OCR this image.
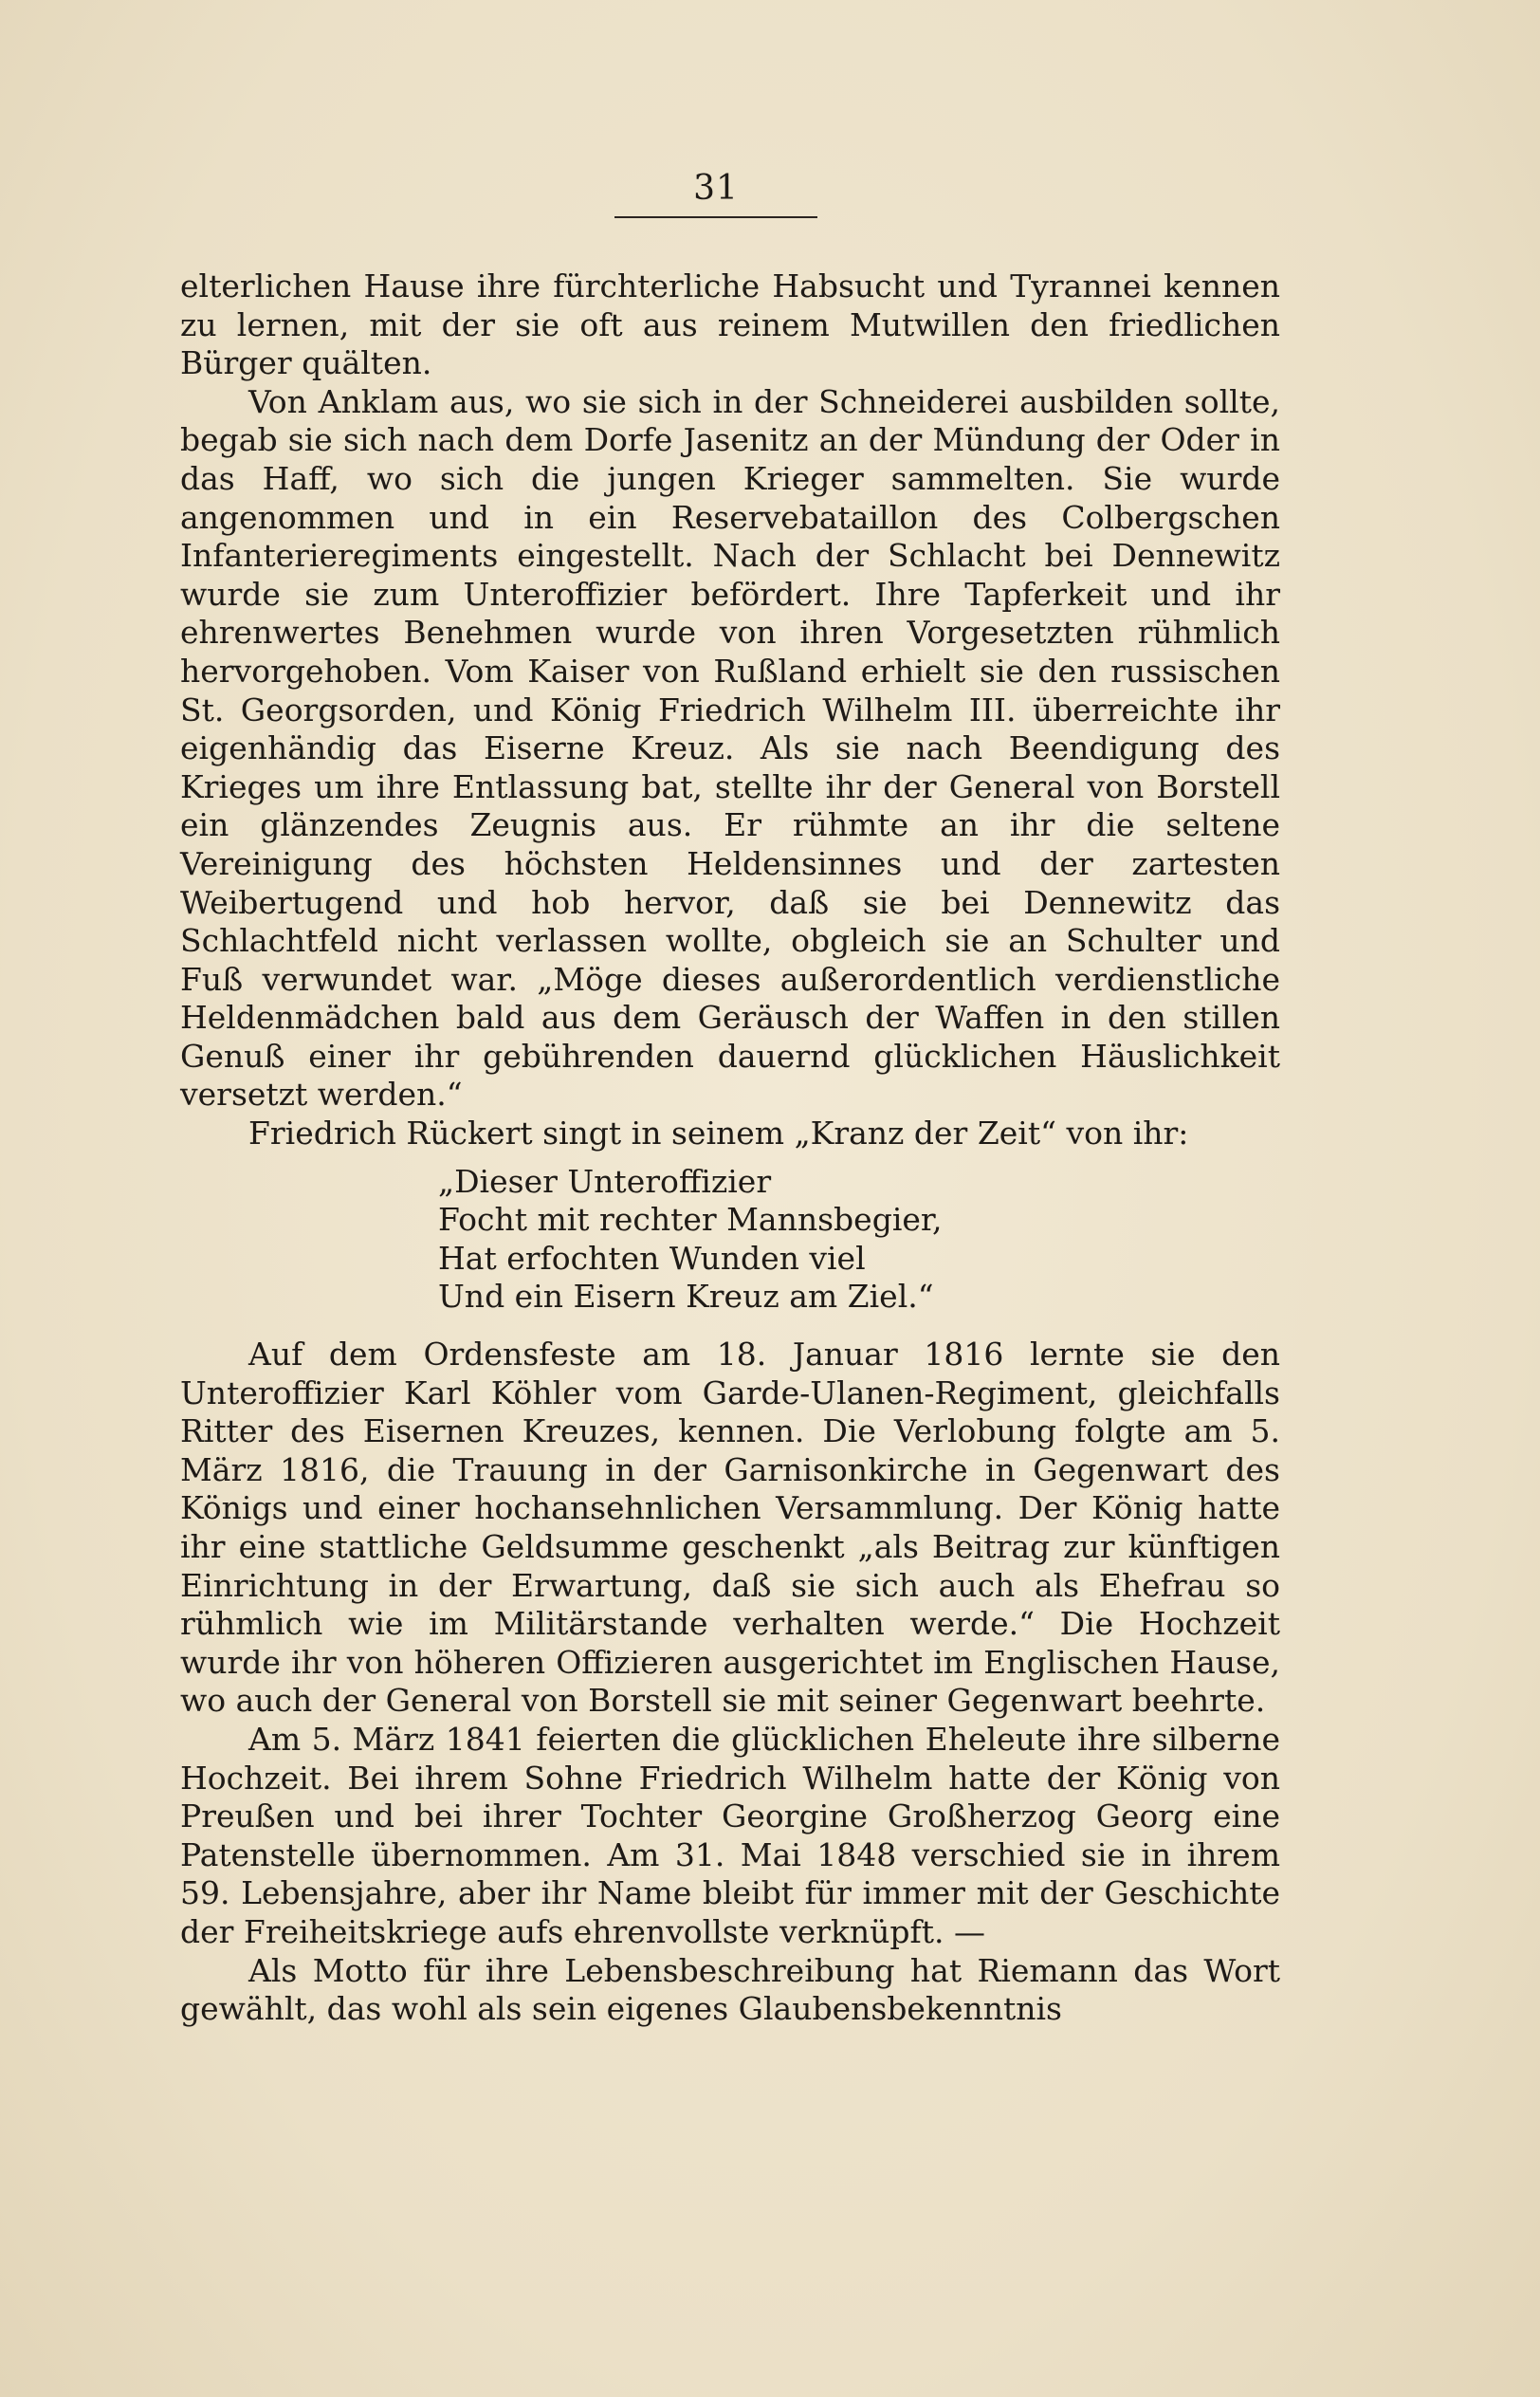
31

elterlichen Hause ihre fürchterliche Habsucht und Tyrannei kennen zu lernen, mit der sie oft aus reinem Mutwillen den friedlichen Bürger quälten.

Von Anklam aus, wo sie sich in der Schneiderei ausbilden sollte, begab sie sich nach dem Dorfe Jasenitz an der Mündung der Oder in das Haff, wo sich die jungen Krieger sammelten. Sie wurde angenommen und in ein Reservebataillon des Colbergschen Infanterieregiments eingestellt. Nach der Schlacht bei Dennewitz wurde sie zum Unteroffizier befördert. Ihre Tapferkeit und ihr ehrenwertes Benehmen wurde von ihren Vorgesetzten rühmlich hervorgehoben. Vom Kaiser von Rußland erhielt sie den russischen St. Georgsorden, und König Friedrich Wilhelm III. überreichte ihr eigenhändig das Eiserne Kreuz. Als sie nach Beendigung des Krieges um ihre Entlassung bat, stellte ihr der General von Borstell ein glänzendes Zeugnis aus. Er rühmte an ihr die seltene Vereinigung des höchsten Heldensinnes und der zartesten Weibertugend und hob hervor, daß sie bei Dennewitz das Schlachtfeld nicht verlassen wollte, obgleich sie an Schulter und Fuß verwundet war. „Möge dieses außerordentlich verdienstliche Heldenmädchen bald aus dem Geräusch der Waffen in den stillen Genuß einer ihr gebührenden dauernd glücklichen Häuslichkeit versetzt werden.“

Friedrich Rückert singt in seinem „Kranz der Zeit“ von ihr:

„Dieser Unteroffizier
Focht mit rechter Mannsbegier,
Hat erfochten Wunden viel
Und ein Eisern Kreuz am Ziel.“

Auf dem Ordensfeste am 18. Januar 1816 lernte sie den Unteroffizier Karl Köhler vom Garde-Ulanen-Regiment, gleichfalls Ritter des Eisernen Kreuzes, kennen. Die Verlobung folgte am 5. März 1816, die Trauung in der Garnisonkirche in Gegenwart des Königs und einer hochansehnlichen Versammlung. Der König hatte ihr eine stattliche Geldsumme geschenkt „als Beitrag zur künftigen Einrichtung in der Erwartung, daß sie sich auch als Ehefrau so rühmlich wie im Militärstande verhalten werde.“ Die Hochzeit wurde ihr von höheren Offizieren ausgerichtet im Englischen Hause, wo auch der General von Borstell sie mit seiner Gegenwart beehrte.

Am 5. März 1841 feierten die glücklichen Eheleute ihre silberne Hochzeit. Bei ihrem Sohne Friedrich Wilhelm hatte der König von Preußen und bei ihrer Tochter Georgine Großherzog Georg eine Patenstelle übernommen. Am 31. Mai 1848 verschied sie in ihrem 59. Lebensjahre, aber ihr Name bleibt für immer mit der Geschichte der Freiheitskriege aufs ehrenvollste verknüpft. —

Als Motto für ihre Lebensbeschreibung hat Riemann das Wort gewählt, das wohl als sein eigenes Glaubensbekenntnis
